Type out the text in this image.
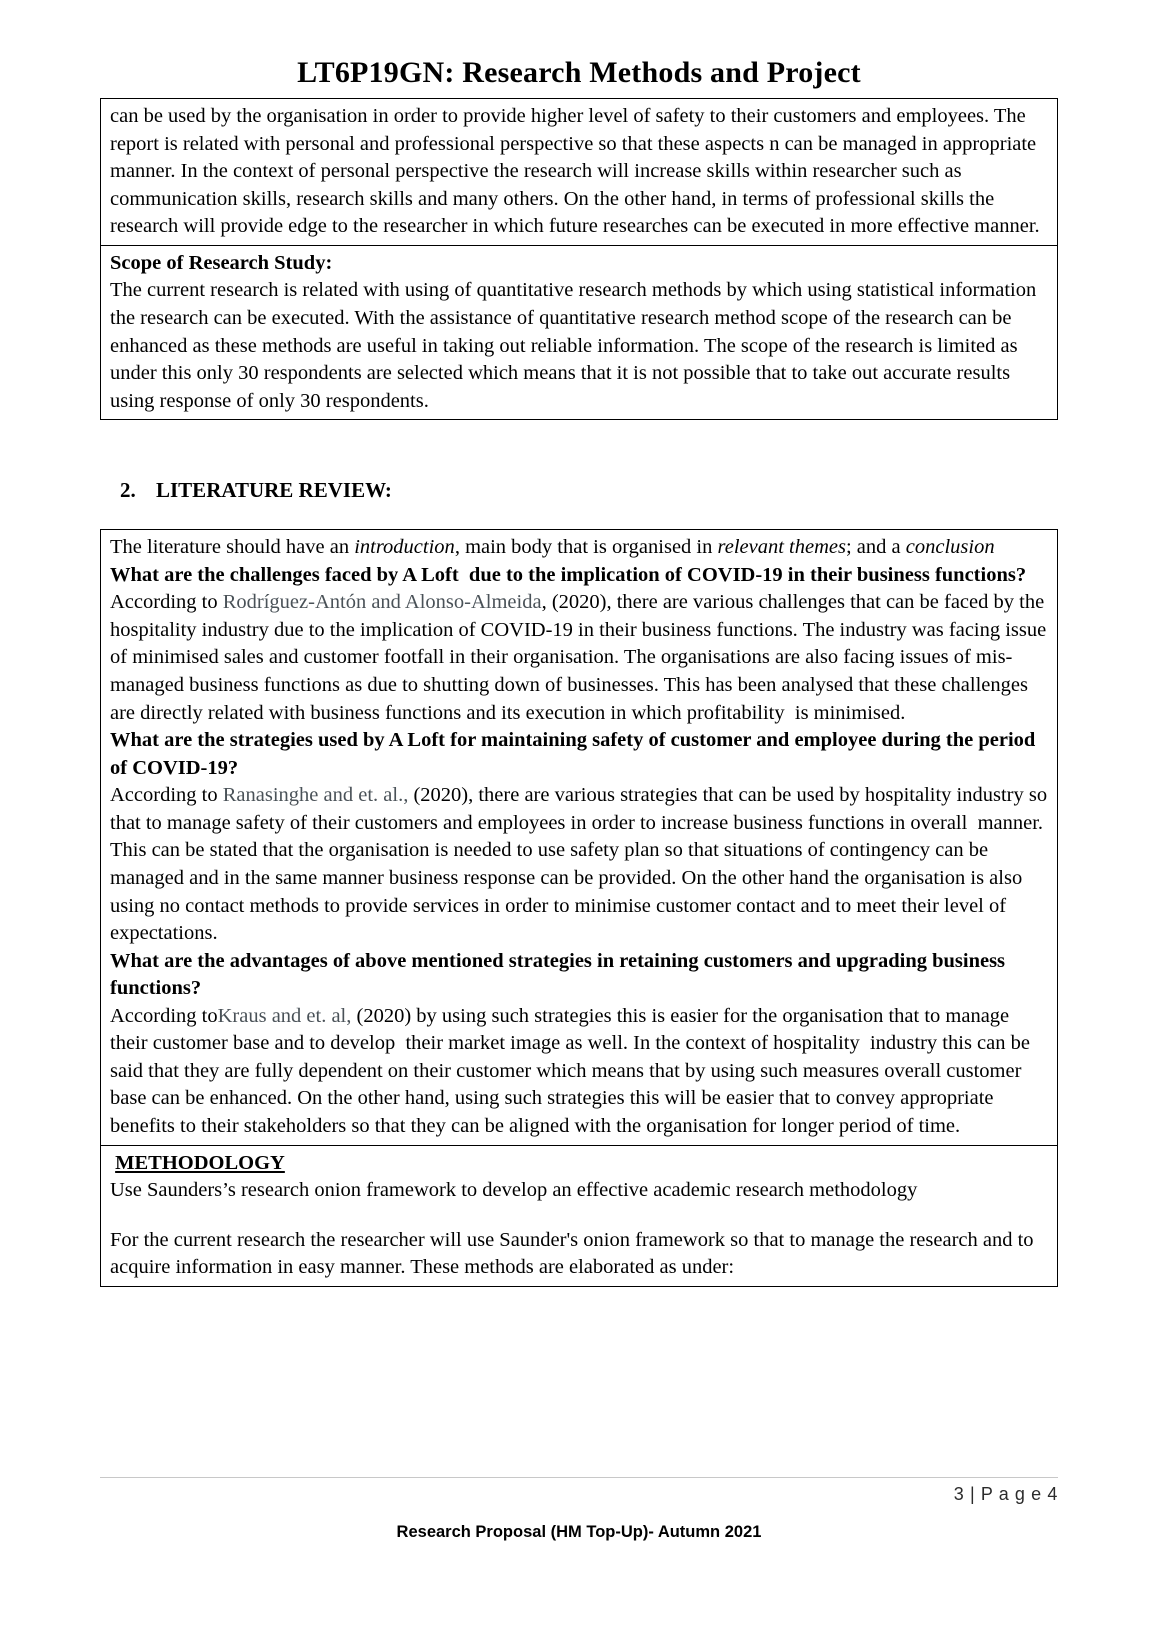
LT6P19GN: Research Methods and Project

can be used by the organisation in order to provide higher level of safety to their customers and employees. The report is related with personal and professional perspective so that these aspects n can be managed in appropriate manner. In the context of personal perspective the research will increase skills within researcher such as communication skills, research skills and many others. On the other hand, in terms of professional skills the research will provide edge to the researcher in which future researches can be executed in more effective manner.

Scope of Research Study:

The current research is related with using of quantitative research methods by which using statistical information the research can be executed. With the assistance of quantitative research method scope of the research can be enhanced as these methods are useful in taking out reliable information. The scope of the research is limited as under this only 30 respondents are selected which means that it is not possible that to take out accurate results using response of only 30 respondents.

2. LITERATURE REVIEW:

The literature should have an introduction, main body that is organised in relevant themes; and a conclusion

What are the challenges faced by A Loft  due to the implication of COVID-19 in their business functions?

According to Rodríguez-Antón and Alonso-Almeida, (2020), there are various challenges that can be faced by the hospitality industry due to the implication of COVID-19 in their business functions. The industry was facing issue of minimised sales and customer footfall in their organisation. The organisations are also facing issues of mis-managed business functions as due to shutting down of businesses. This has been analysed that these challenges are directly related with business functions and its execution in which profitability  is minimised.

What are the strategies used by A Loft for maintaining safety of customer and employee during the period of COVID-19?

According to Ranasinghe and et. al., (2020), there are various strategies that can be used by hospitality industry so that to manage safety of their customers and employees in order to increase business functions in overall  manner. This can be stated that the organisation is needed to use safety plan so that situations of contingency can be managed and in the same manner business response can be provided. On the other hand the organisation is also using no contact methods to provide services in order to minimise customer contact and to meet their level of expectations.

What are the advantages of above mentioned strategies in retaining customers and upgrading business functions?

According toKraus and et. al, (2020) by using such strategies this is easier for the organisation that to manage their customer base and to develop  their market image as well. In the context of hospitality  industry this can be said that they are fully dependent on their customer which means that by using such measures overall customer base can be enhanced. On the other hand, using such strategies this will be easier that to convey appropriate benefits to their stakeholders so that they can be aligned with the organisation for longer period of time.

METHODOLOGY

Use Saunders’s research onion framework to develop an effective academic research methodology

For the current research the researcher will use Saunder's onion framework so that to manage the research and to acquire information in easy manner. These methods are elaborated as under:

3 | P a g e 4
Research Proposal (HM Top-Up)- Autumn 2021
